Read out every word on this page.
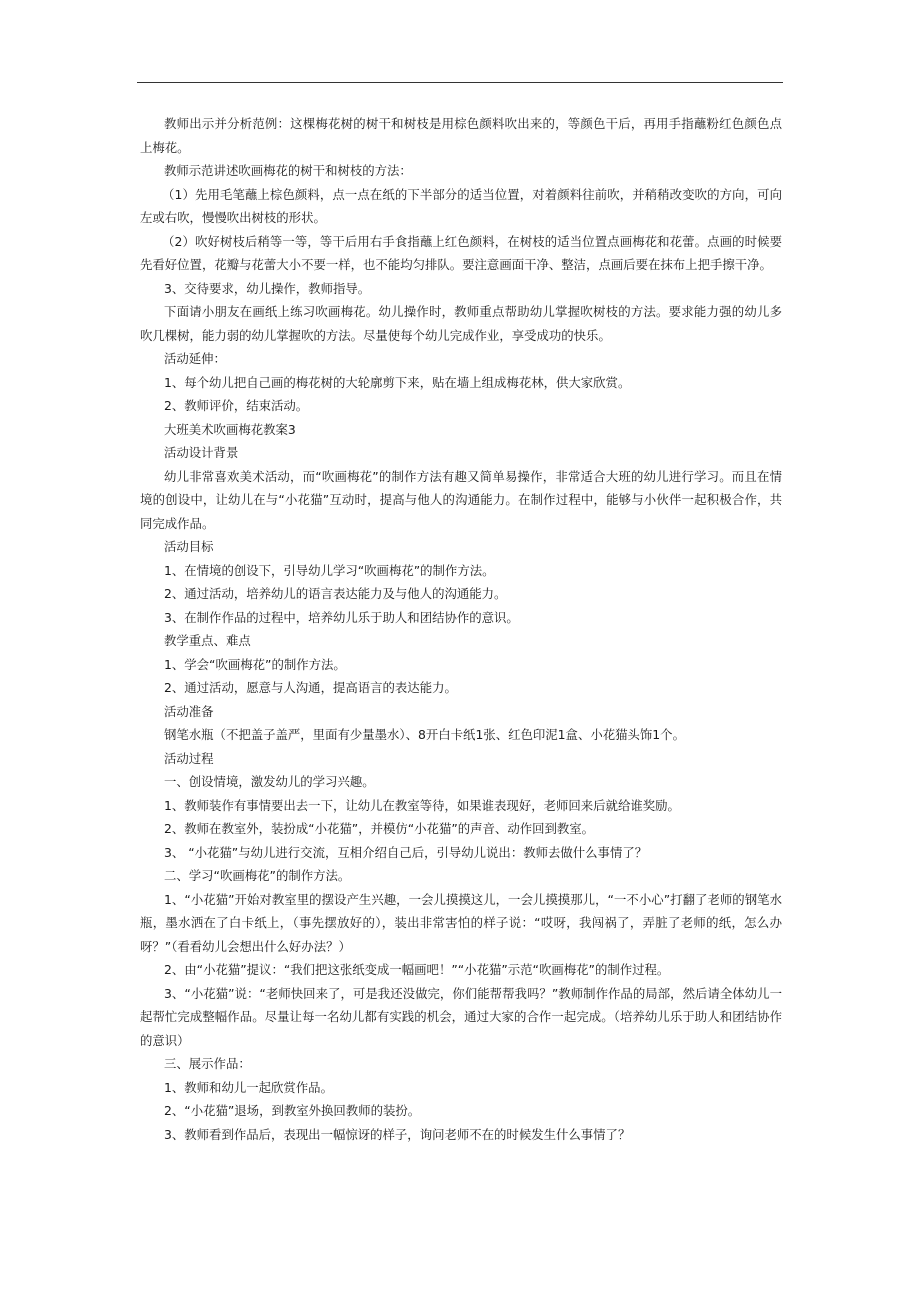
教师出示并分析范例：这棵梅花树的树干和树枝是用棕色颜料吹出来的，等颜色干后，再用手指蘸粉红色颜色点上梅花。

教师示范讲述吹画梅花的树干和树枝的方法：

（1）先用毛笔蘸上棕色颜料，点一点在纸的下半部分的适当位置，对着颜料往前吹，并稍稍改变吹的方向，可向左或右吹，慢慢吹出树枝的形状。

（2）吹好树枝后稍等一等，等干后用右手食指蘸上红色颜料，在树枝的适当位置点画梅花和花蕾。点画的时候要先看好位置，花瓣与花蕾大小不要一样，也不能均匀排队。要注意画面干净、整洁，点画后要在抹布上把手擦干净。

3、交待要求，幼儿操作，教师指导。

下面请小朋友在画纸上练习吹画梅花。幼儿操作时，教师重点帮助幼儿掌握吹树枝的方法。要求能力强的幼儿多吹几棵树，能力弱的幼儿掌握吹的方法。尽量使每个幼儿完成作业，享受成功的快乐。

活动延伸：

1、每个幼儿把自己画的梅花树的大轮廓剪下来，贴在墙上组成梅花林，供大家欣赏。

2、教师评价，结束活动。

大班美术吹画梅花教案3

活动设计背景

幼儿非常喜欢美术活动，而“吹画梅花”的制作方法有趣又简单易操作，非常适合大班的幼儿进行学习。而且在情境的创设中，让幼儿在与“小花猫”互动时，提高与他人的沟通能力。在制作过程中，能够与小伙伴一起积极合作，共同完成作品。

活动目标

1、在情境的创设下，引导幼儿学习“吹画梅花”的制作方法。

2、通过活动，培养幼儿的语言表达能力及与他人的沟通能力。

3、在制作作品的过程中，培养幼儿乐于助人和团结协作的意识。

教学重点、难点

1、学会“吹画梅花”的制作方法。

2、通过活动，愿意与人沟通，提高语言的表达能力。

活动准备

钢笔水瓶（不把盖子盖严，里面有少量墨水）、8开白卡纸1张、红色印泥1盒、小花猫头饰1个。

活动过程

一、创设情境，激发幼儿的学习兴趣。

1、教师装作有事情要出去一下，让幼儿在教室等待，如果谁表现好，老师回来后就给谁奖励。

2、教师在教室外，装扮成“小花猫”，并模仿“小花猫”的声音、动作回到教室。

3、 “小花猫”与幼儿进行交流，互相介绍自己后，引导幼儿说出：教师去做什么事情了？

二、学习“吹画梅花”的制作方法。

1、“小花猫”开始对教室里的摆设产生兴趣，一会儿摸摸这儿，一会儿摸摸那儿，“一不小心”打翻了老师的钢笔水瓶，墨水洒在了白卡纸上，（事先摆放好的），装出非常害怕的样子说：“哎呀，我闯祸了，弄脏了老师的纸，怎么办呀？”（看看幼儿会想出什么好办法？）

2、由“小花猫”提议：“我们把这张纸变成一幅画吧！”“小花猫”示范“吹画梅花”的制作过程。

3、“小花猫”说：“老师快回来了，可是我还没做完，你们能帮帮我吗？”教师制作作品的局部，然后请全体幼儿一起帮忙完成整幅作品。尽量让每一名幼儿都有实践的机会，通过大家的合作一起完成。（培养幼儿乐于助人和团结协作的意识）

三、展示作品：

1、教师和幼儿一起欣赏作品。

2、“小花猫”退场，到教室外换回教师的装扮。

3、教师看到作品后，表现出一幅惊讶的样子，询问老师不在的时候发生什么事情了？
